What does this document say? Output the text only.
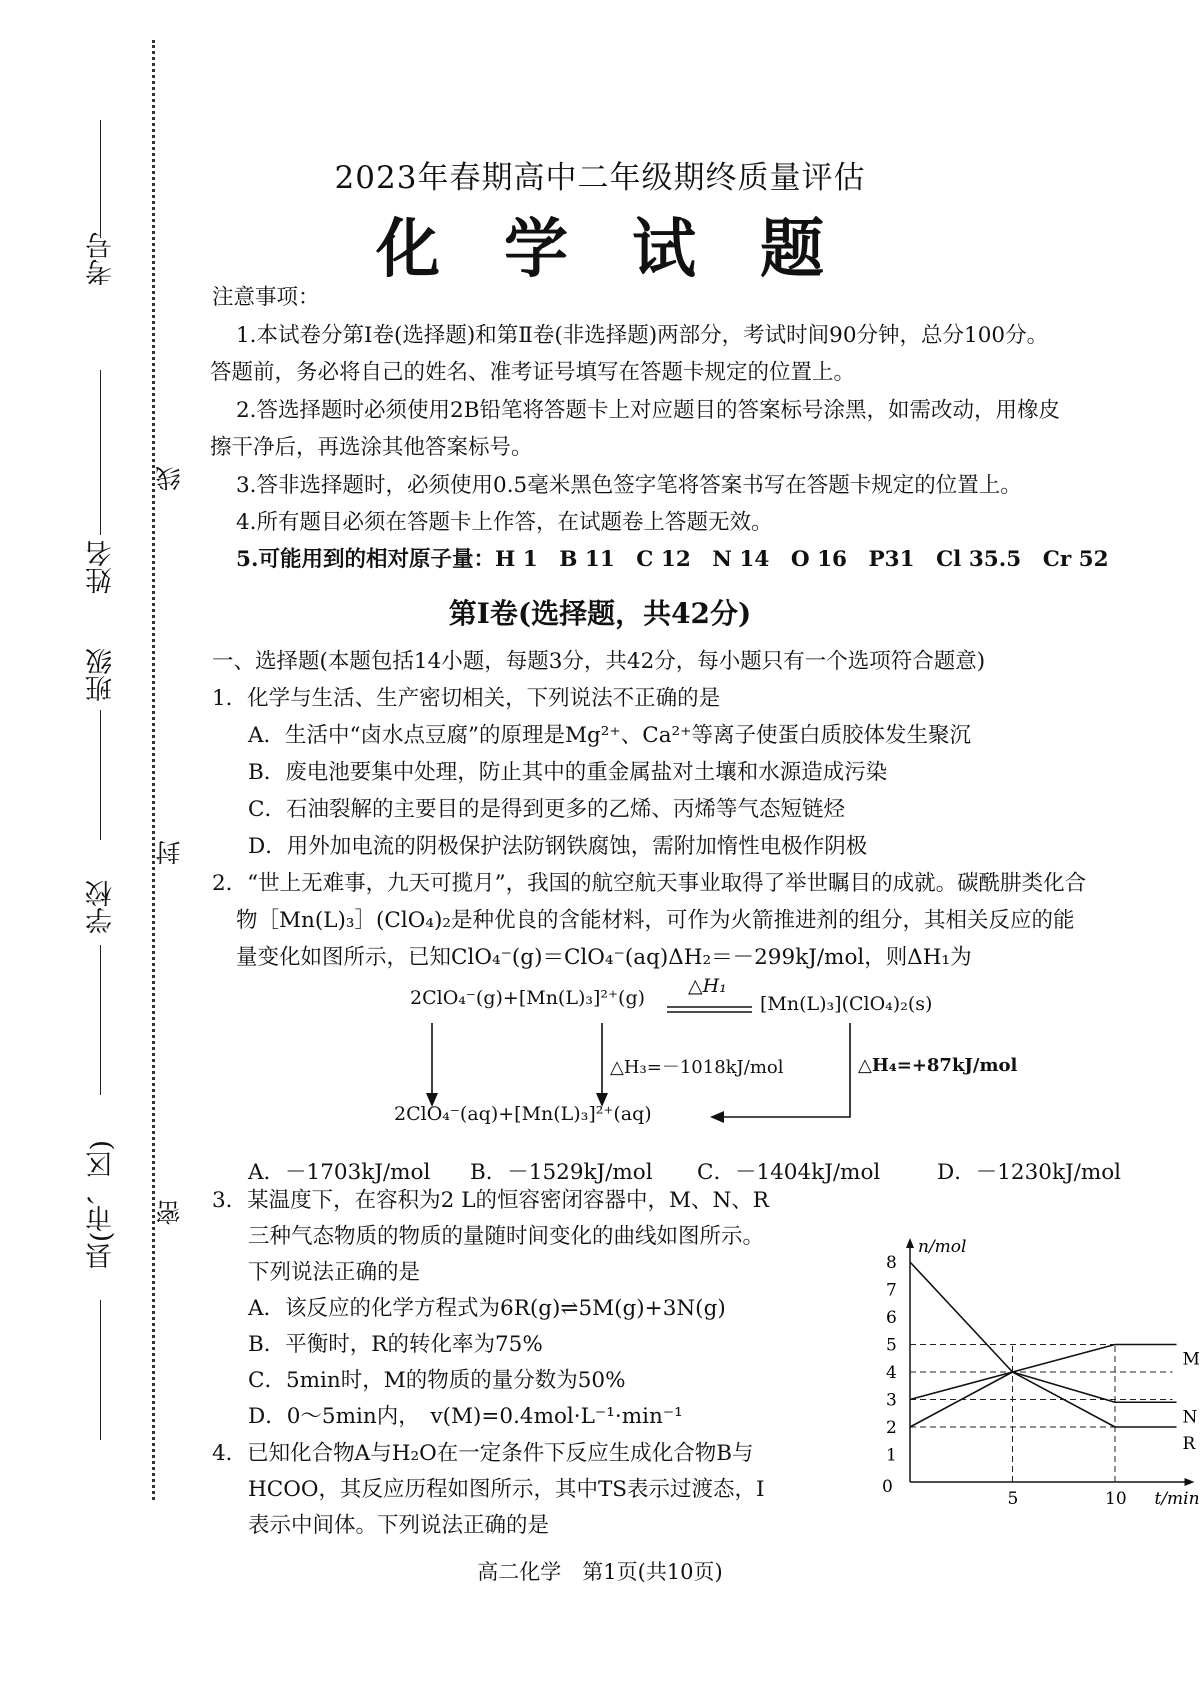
考号
姓名
班级
学校
县(市、区)
线
封
密
2023年春期高中二年级期终质量评估
化　学　试　题
注意事项：
1.本试卷分第Ⅰ卷(选择题)和第Ⅱ卷(非选择题)两部分，考试时间90分钟，总分100分。
答题前，务必将自己的姓名、准考证号填写在答题卡规定的位置上。
2.答选择题时必须使用2B铅笔将答题卡上对应题目的答案标号涂黑，如需改动，用橡皮
擦干净后，再选涂其他答案标号。
3.答非选择题时，必须使用0.5毫米黑色签字笔将答案书写在答题卡规定的位置上。
4.所有题目必须在答题卡上作答，在试题卷上答题无效。
5.可能用到的相对原子量：H 1　B 11　C 12　N 14　O 16　P31　Cl 35.5　Cr 52
第Ⅰ卷(选择题，共42分)
一、选择题(本题包括14小题，每题3分，共42分，每小题只有一个选项符合题意)
1．化学与生活、生产密切相关，下列说法不正确的是
A．生活中“卤水点豆腐”的原理是Mg²⁺、Ca²⁺等离子使蛋白质胶体发生聚沉
B．废电池要集中处理，防止其中的重金属盐对土壤和水源造成污染
C．石油裂解的主要目的是得到更多的乙烯、丙烯等气态短链烃
D．用外加电流的阴极保护法防钢铁腐蚀，需附加惰性电极作阴极
2．“世上无难事，九天可揽月”，我国的航空航天事业取得了举世瞩目的成就。碳酰肼类化合
物［Mn(L)₃］(ClO₄)₂是种优良的含能材料，可作为火箭推进剂的组分，其相关反应的能
量变化如图所示，已知ClO₄⁻(g)＝ClO₄⁻(aq)ΔH₂＝－299kJ/mol，则ΔH₁为
2ClO₄⁻(g)+[Mn(L)₃]²⁺(g)
△H₁
[Mn(L)₃](ClO₄)₂(s)
△H₃=－1018kJ/mol	△H₄=+87kJ/mol
2ClO₄⁻(aq)+[Mn(L)₃]²⁺(aq)
A．－1703kJ/mol B．－1529kJ/mol C．－1404kJ/mol	D．－1230kJ/mol
3．某温度下，在容积为2 L的恒容密闭容器中，M、N、R
三种气态物质的物质的量随时间变化的曲线如图所示。
下列说法正确的是
A．该反应的化学方程式为6R(g)⇌5M(g)+3N(g)
B．平衡时，R的转化率为75%
C．5min时，M的物质的量分数为50%
D．0～5min内，　v(M)=0.4mol·L⁻¹·min⁻¹
n/mol
t/min
0
1
2
3
4
5
6
7
8
5	10
M
N
R
4．已知化合物A与H₂O在一定条件下反应生成化合物B与
HCOO，其反应历程如图所示，其中TS表示过渡态，I
表示中间体。下列说法正确的是
高二化学　第1页(共10页)
